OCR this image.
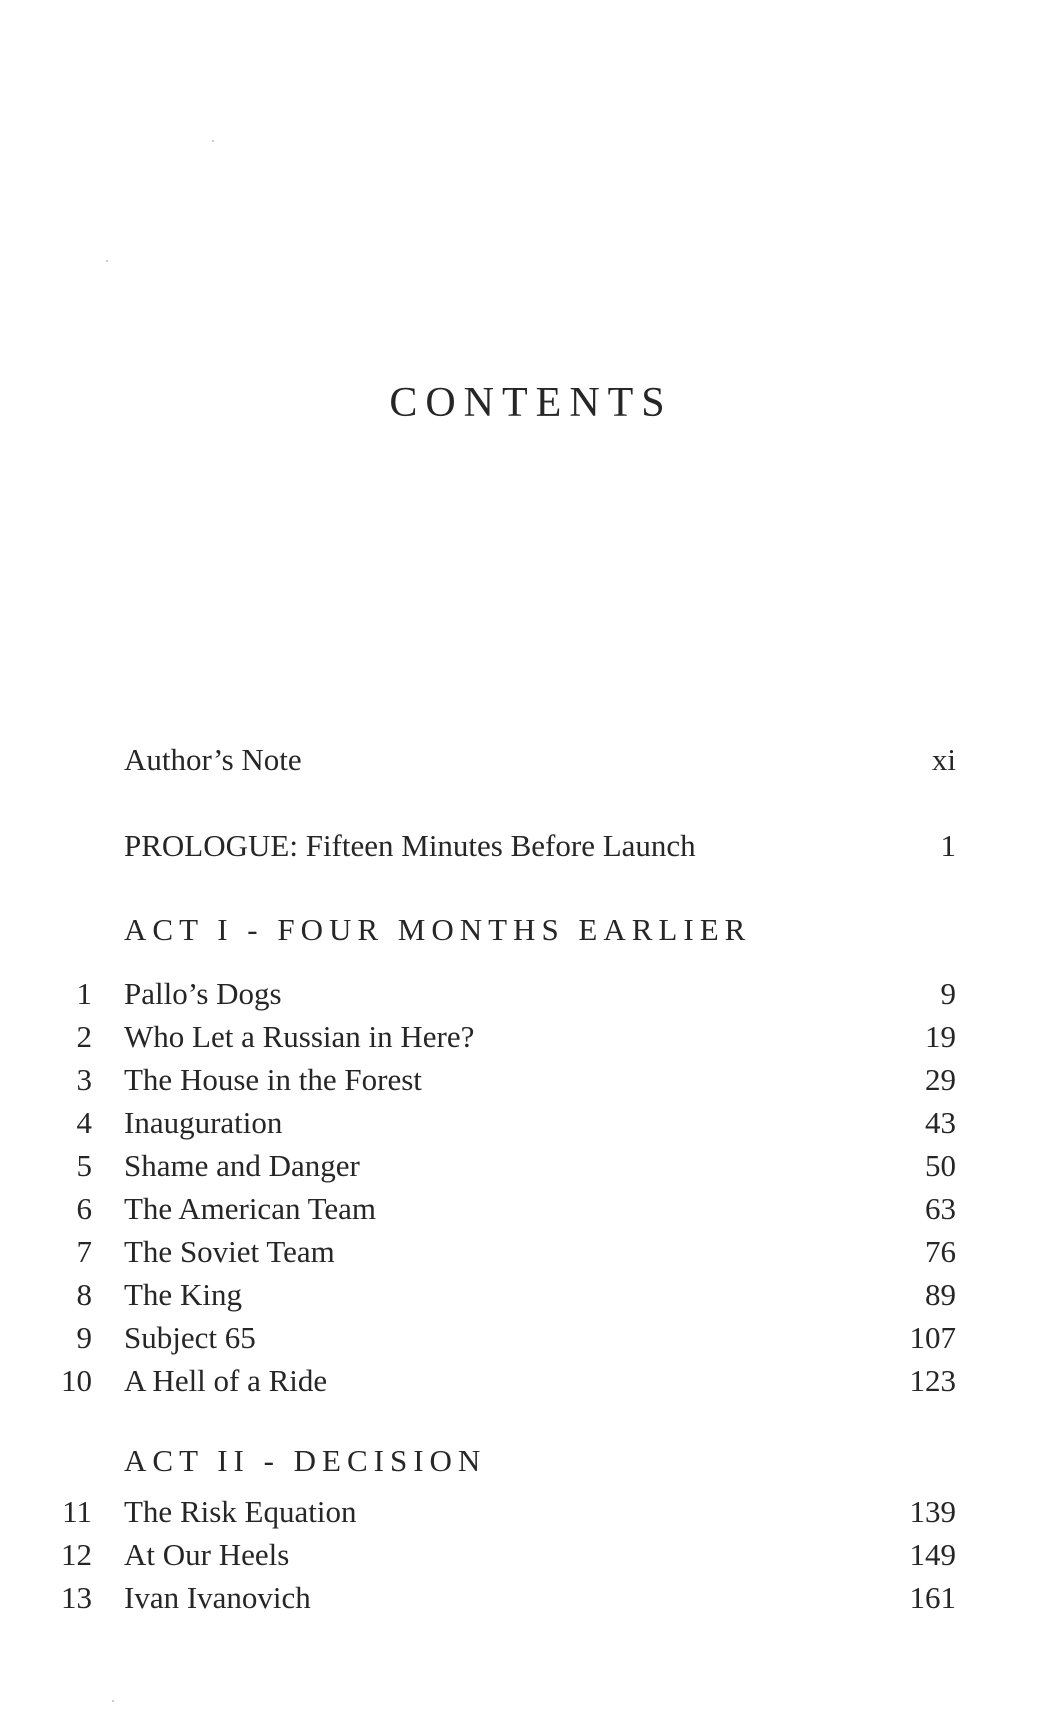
CONTENTS
Author’s Note	xi
PROLOGUE: Fifteen Minutes Before Launch	1
ACT I - FOUR MONTHS EARLIER
1 Pallo’s Dogs	9
2 Who Let a Russian in Here?	19
3 The House in the Forest	29
4 Inauguration	43
5 Shame and Danger	50
6 The American Team	63
7 The Soviet Team	76
8 The King	89
9 Subject 65	107
10 A Hell of a Ride	123
ACT II - DECISION
11 The Risk Equation	139
12 At Our Heels	149
13 Ivan Ivanovich	161
